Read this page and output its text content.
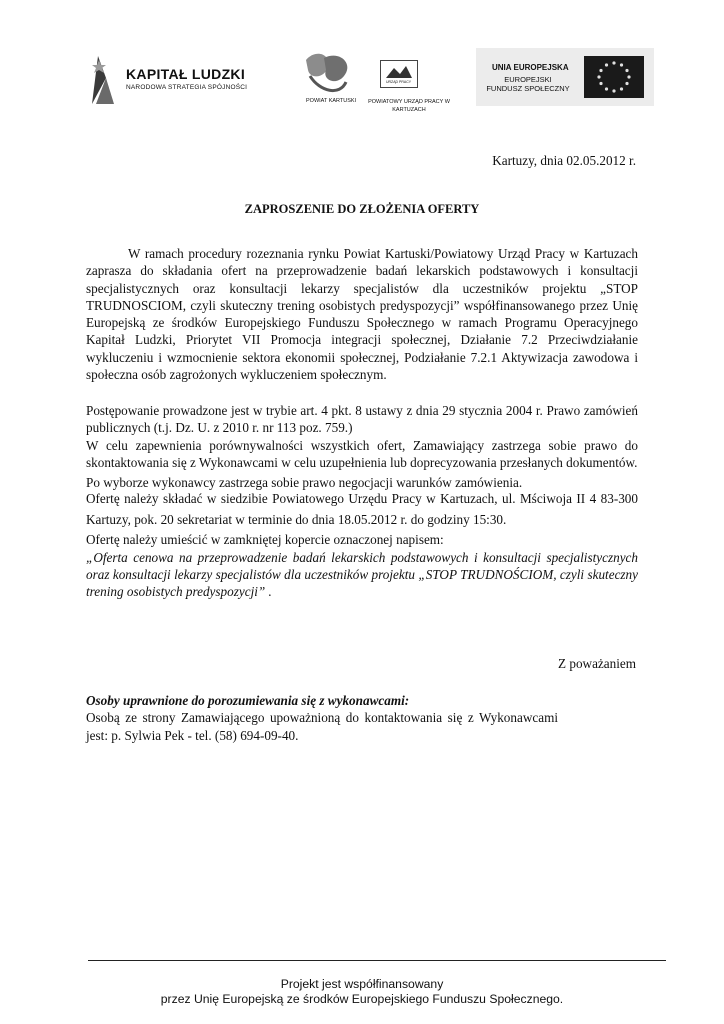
KAPITAŁ LUDZKI
NARODOWA STRATEGIA SPÓJNOŚCI
POWIAT KARTUSKI
URZĄD PRACY
POWIATOWY URZĄD PRACY W KARTUZACH
UNIA EUROPEJSKA
EUROPEJSKI
FUNDUSZ SPOŁECZNY
Kartuzy, dnia 02.05.2012 r.
ZAPROSZENIE DO ZŁOŻENIA OFERTY

W ramach procedury rozeznania rynku Powiat Kartuski/Powiatowy Urząd Pracy w Kartuzach zaprasza do składania ofert na przeprowadzenie badań lekarskich podstawowych i konsultacji specjalistycznych oraz konsultacji lekarzy specjalistów dla uczestników projektu „STOP TRUDNOSCIOM, czyli skuteczny trening osobistych predyspozycji” współfinansowanego przez Unię Europejską ze środków Europejskiego Funduszu Społecznego w ramach Programu Operacyjnego Kapitał Ludzki, Priorytet VII Promocja integracji społecznej, Działanie 7.2 Przeciwdziałanie wykluczeniu i wzmocnienie sektora ekonomii społecznej, Podziałanie 7.2.1 Aktywizacja zawodowa i społeczna osób zagrożonych wykluczeniem społecznym.

Postępowanie prowadzone jest w trybie art. 4 pkt. 8 ustawy z dnia 29 stycznia 2004 r. Prawo zamówień publicznych (t.j. Dz. U. z 2010 r. nr 113 poz. 759.)

W celu zapewnienia porównywalności wszystkich ofert, Zamawiający zastrzega sobie prawo do skontaktowania się z Wykonawcami w celu uzupełnienia lub doprecyzowania przesłanych dokumentów.

Po wyborze wykonawcy zastrzega sobie prawo negocjacji warunków zamówienia.

Ofertę należy składać w siedzibie Powiatowego Urzędu Pracy w Kartuzach, ul. Mściwoja II 4 83-300 Kartuzy, pok. 20 sekretariat w terminie do dnia 18.05.2012 r. do godziny 15:30.

Ofertę należy umieścić w zamkniętej kopercie oznaczonej napisem:

„Oferta cenowa na przeprowadzenie badań lekarskich podstawowych i konsultacji specjalistycznych oraz konsultacji lekarzy specjalistów dla uczestników projektu „STOP TRUDNOŚCIOM, czyli skuteczny trening osobistych predyspozycji” .

Z poważaniem

Osoby uprawnione do porozumiewania się z wykonawcami:

Osobą ze strony Zamawiającego upoważnioną do kontaktowania się z Wykonawcami jest: p. Sylwia Pek - tel. (58) 694-09-40.

Projekt jest współfinansowany
przez Unię Europejską ze środków Europejskiego Funduszu Społecznego.
